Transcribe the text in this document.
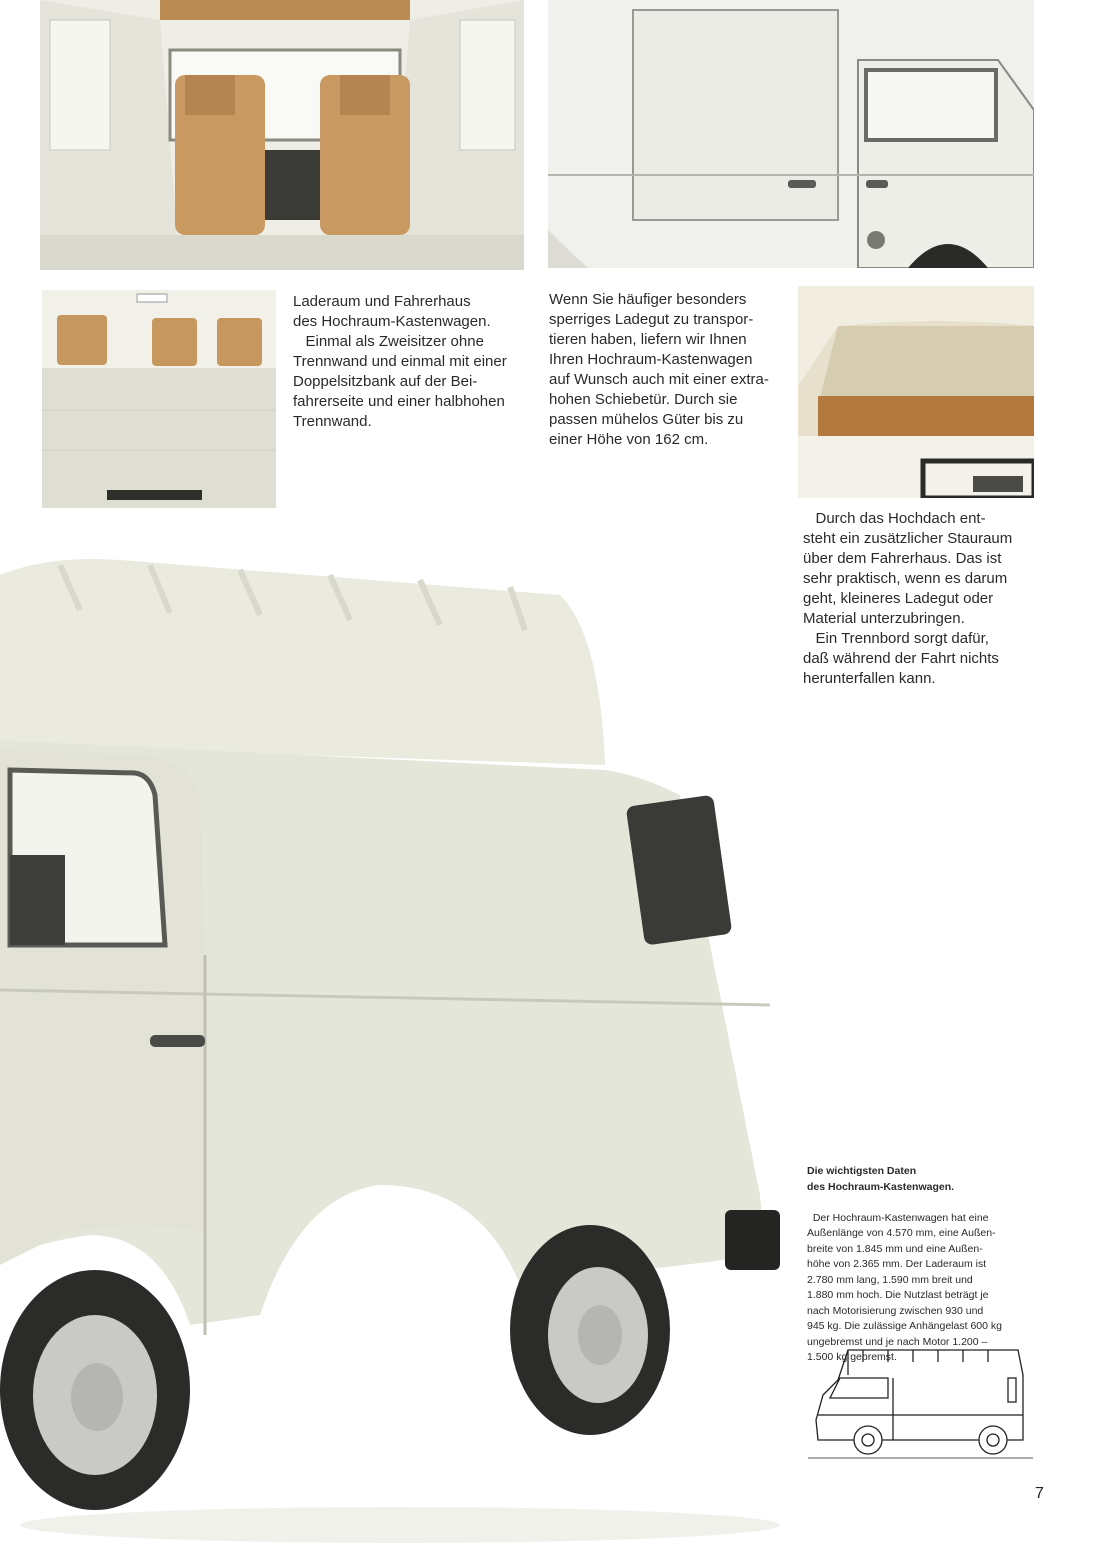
Laderaum und Fahrerhaus
des Hochraum-Kastenwagen.
Einmal als Zweisitzer ohne
Trennwand und einmal mit einer
Doppelsitzbank auf der Bei-
fahrerseite und einer halbhohen
Trennwand.
Wenn Sie häufiger besonders
sperriges Ladegut zu transpor-
tieren haben, liefern wir Ihnen
Ihren Hochraum-Kastenwagen
auf Wunsch auch mit einer extra-
hohen Schiebetür. Durch sie
passen mühelos Güter bis zu
einer Höhe von 162 cm.
Durch das Hochdach ent-
steht ein zusätzlicher Stauraum
über dem Fahrerhaus. Das ist
sehr praktisch, wenn es darum
geht, kleineres Ladegut oder
Material unterzubringen.
Ein Trennbord sorgt dafür,
daß während der Fahrt nichts
herunterfallen kann.

Die wichtigsten Daten
des Hochraum-Kastenwagen.

Der Hochraum-Kastenwagen hat eine
Außenlänge von 4.570 mm, eine Außen-
breite von 1.845 mm und eine Außen-
höhe von 2.365 mm. Der Laderaum ist
2.780 mm lang, 1.590 mm breit und
1.880 mm hoch. Die Nutzlast beträgt je
nach Motorisierung zwischen 930 und
945 kg. Die zulässige Anhängelast 600 kg
ungebremst und je nach Motor 1.200 –
1.500 kg gebremst.

7
